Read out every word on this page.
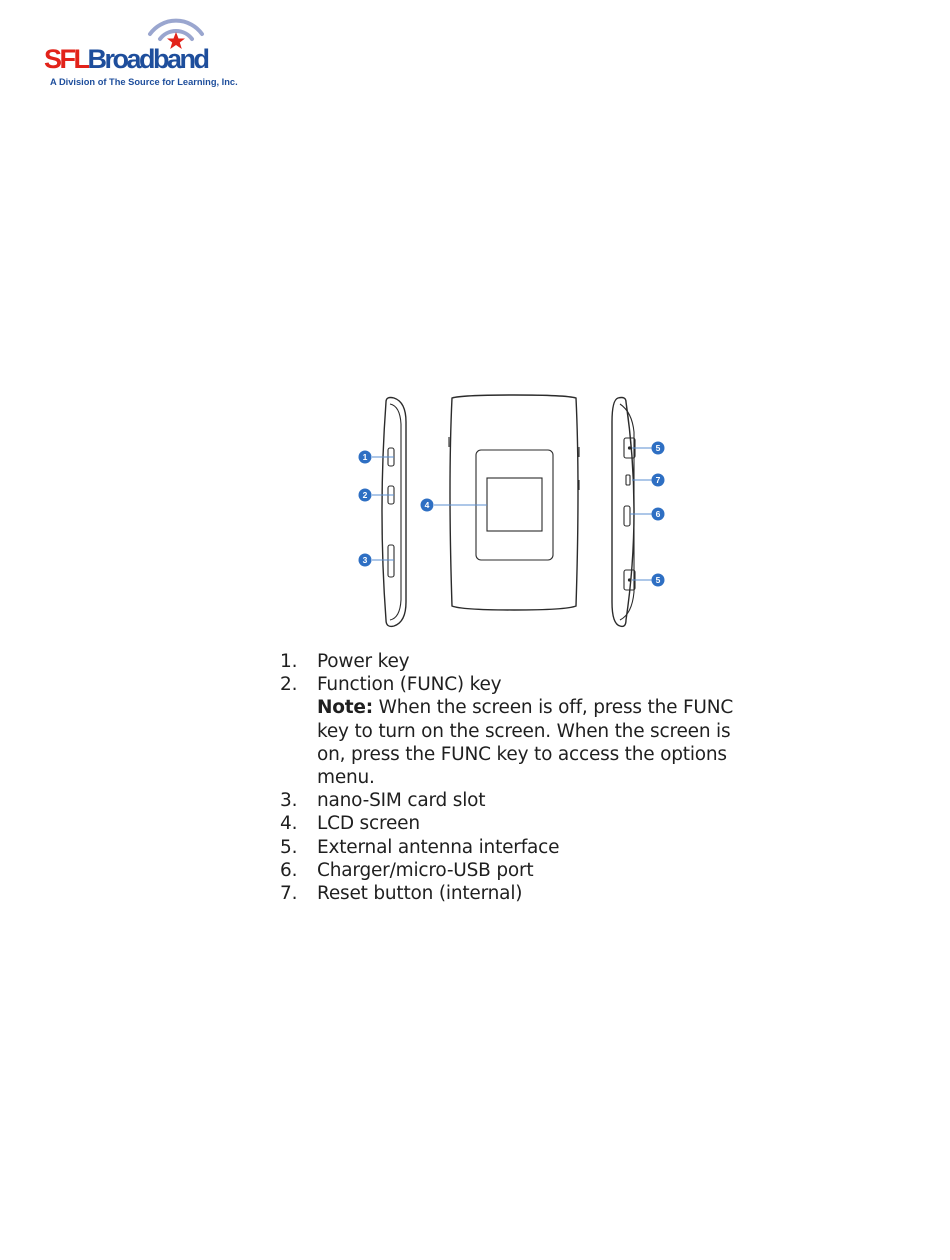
SFLBroadband
A Division of The Source for Learning, Inc.
1
2
3
4
5
7
6
5
1.	Power key
2.	Function (FUNC) key
Note: When the screen is off, press the FUNC key to turn on the screen. When the screen is on, press the FUNC key to access the options menu.
3.	nano-SIM card slot
4.	LCD screen
5.	External antenna interface
6.	Charger/micro-USB port
7.	Reset button (internal)
